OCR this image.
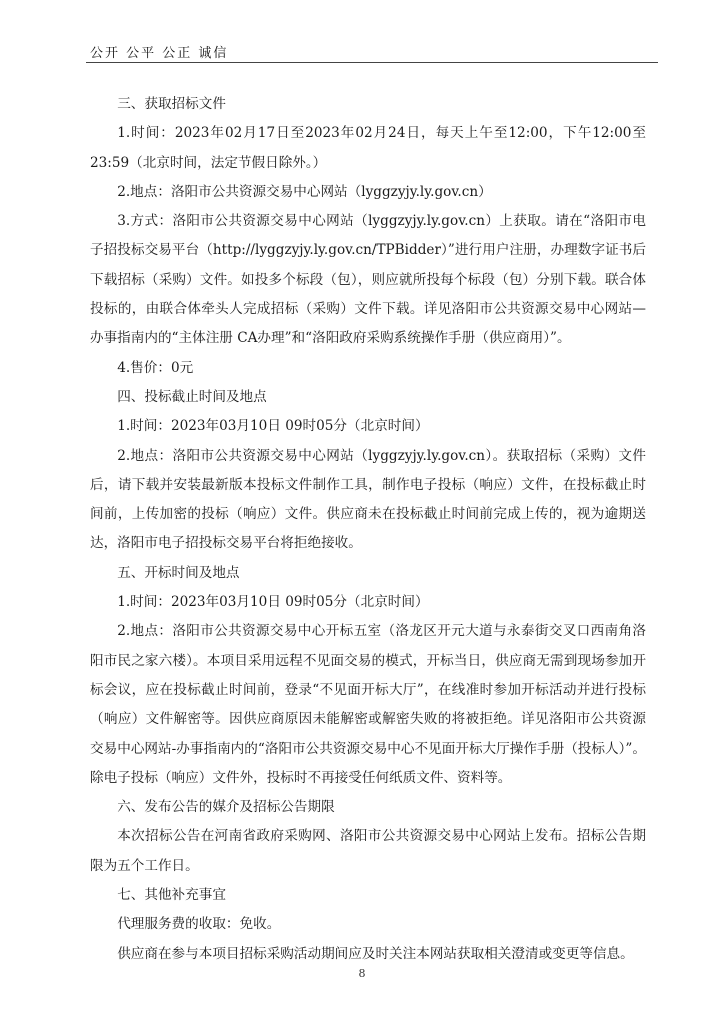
公开 公平 公正 诚信

三、获取招标文件

1.时间：2023年02月17日至2023年02月24日，每天上午至12:00，下午12:00至23:59（北京时间，法定节假日除外。）

2.地点：洛阳市公共资源交易中心网站（lyggzyjy.ly.gov.cn）

3.方式：洛阳市公共资源交易中心网站（lyggzyjy.ly.gov.cn）上获取。请在“洛阳市电子招投标交易平台（http://lyggzyjy.ly.gov.cn/TPBidder）”进行用户注册，办理数字证书后下载招标（采购）文件。如投多个标段（包），则应就所投每个标段（包）分别下载。联合体投标的，由联合体牵头人完成招标（采购）文件下载。详见洛阳市公共资源交易中心网站—办事指南内的“主体注册 CA办理”和“洛阳政府采购系统操作手册（供应商用）”。

4.售价：0元

四、投标截止时间及地点

1.时间：2023年03月10日 09时05分（北京时间）

2.地点：洛阳市公共资源交易中心网站（lyggzyjy.ly.gov.cn）。获取招标（采购）文件后，请下载并安装最新版本投标文件制作工具，制作电子投标（响应）文件，在投标截止时间前，上传加密的投标（响应）文件。供应商未在投标截止时间前完成上传的，视为逾期送达，洛阳市电子招投标交易平台将拒绝接收。

五、开标时间及地点

1.时间：2023年03月10日 09时05分（北京时间）

2.地点：洛阳市公共资源交易中心开标五室（洛龙区开元大道与永泰街交叉口西南角洛阳市民之家六楼）。本项目采用远程不见面交易的模式，开标当日，供应商无需到现场参加开标会议，应在投标截止时间前，登录“不见面开标大厅”，在线准时参加开标活动并进行投标（响应）文件解密等。因供应商原因未能解密或解密失败的将被拒绝。详见洛阳市公共资源交易中心网站-办事指南内的“洛阳市公共资源交易中心不见面开标大厅操作手册（投标人）”。除电子投标（响应）文件外，投标时不再接受任何纸质文件、资料等。

六、发布公告的媒介及招标公告期限

本次招标公告在河南省政府采购网、洛阳市公共资源交易中心网站上发布。招标公告期限为五个工作日。

七、其他补充事宜

代理服务费的收取：免收。

供应商在参与本项目招标采购活动期间应及时关注本网站获取相关澄清或变更等信息。

8
